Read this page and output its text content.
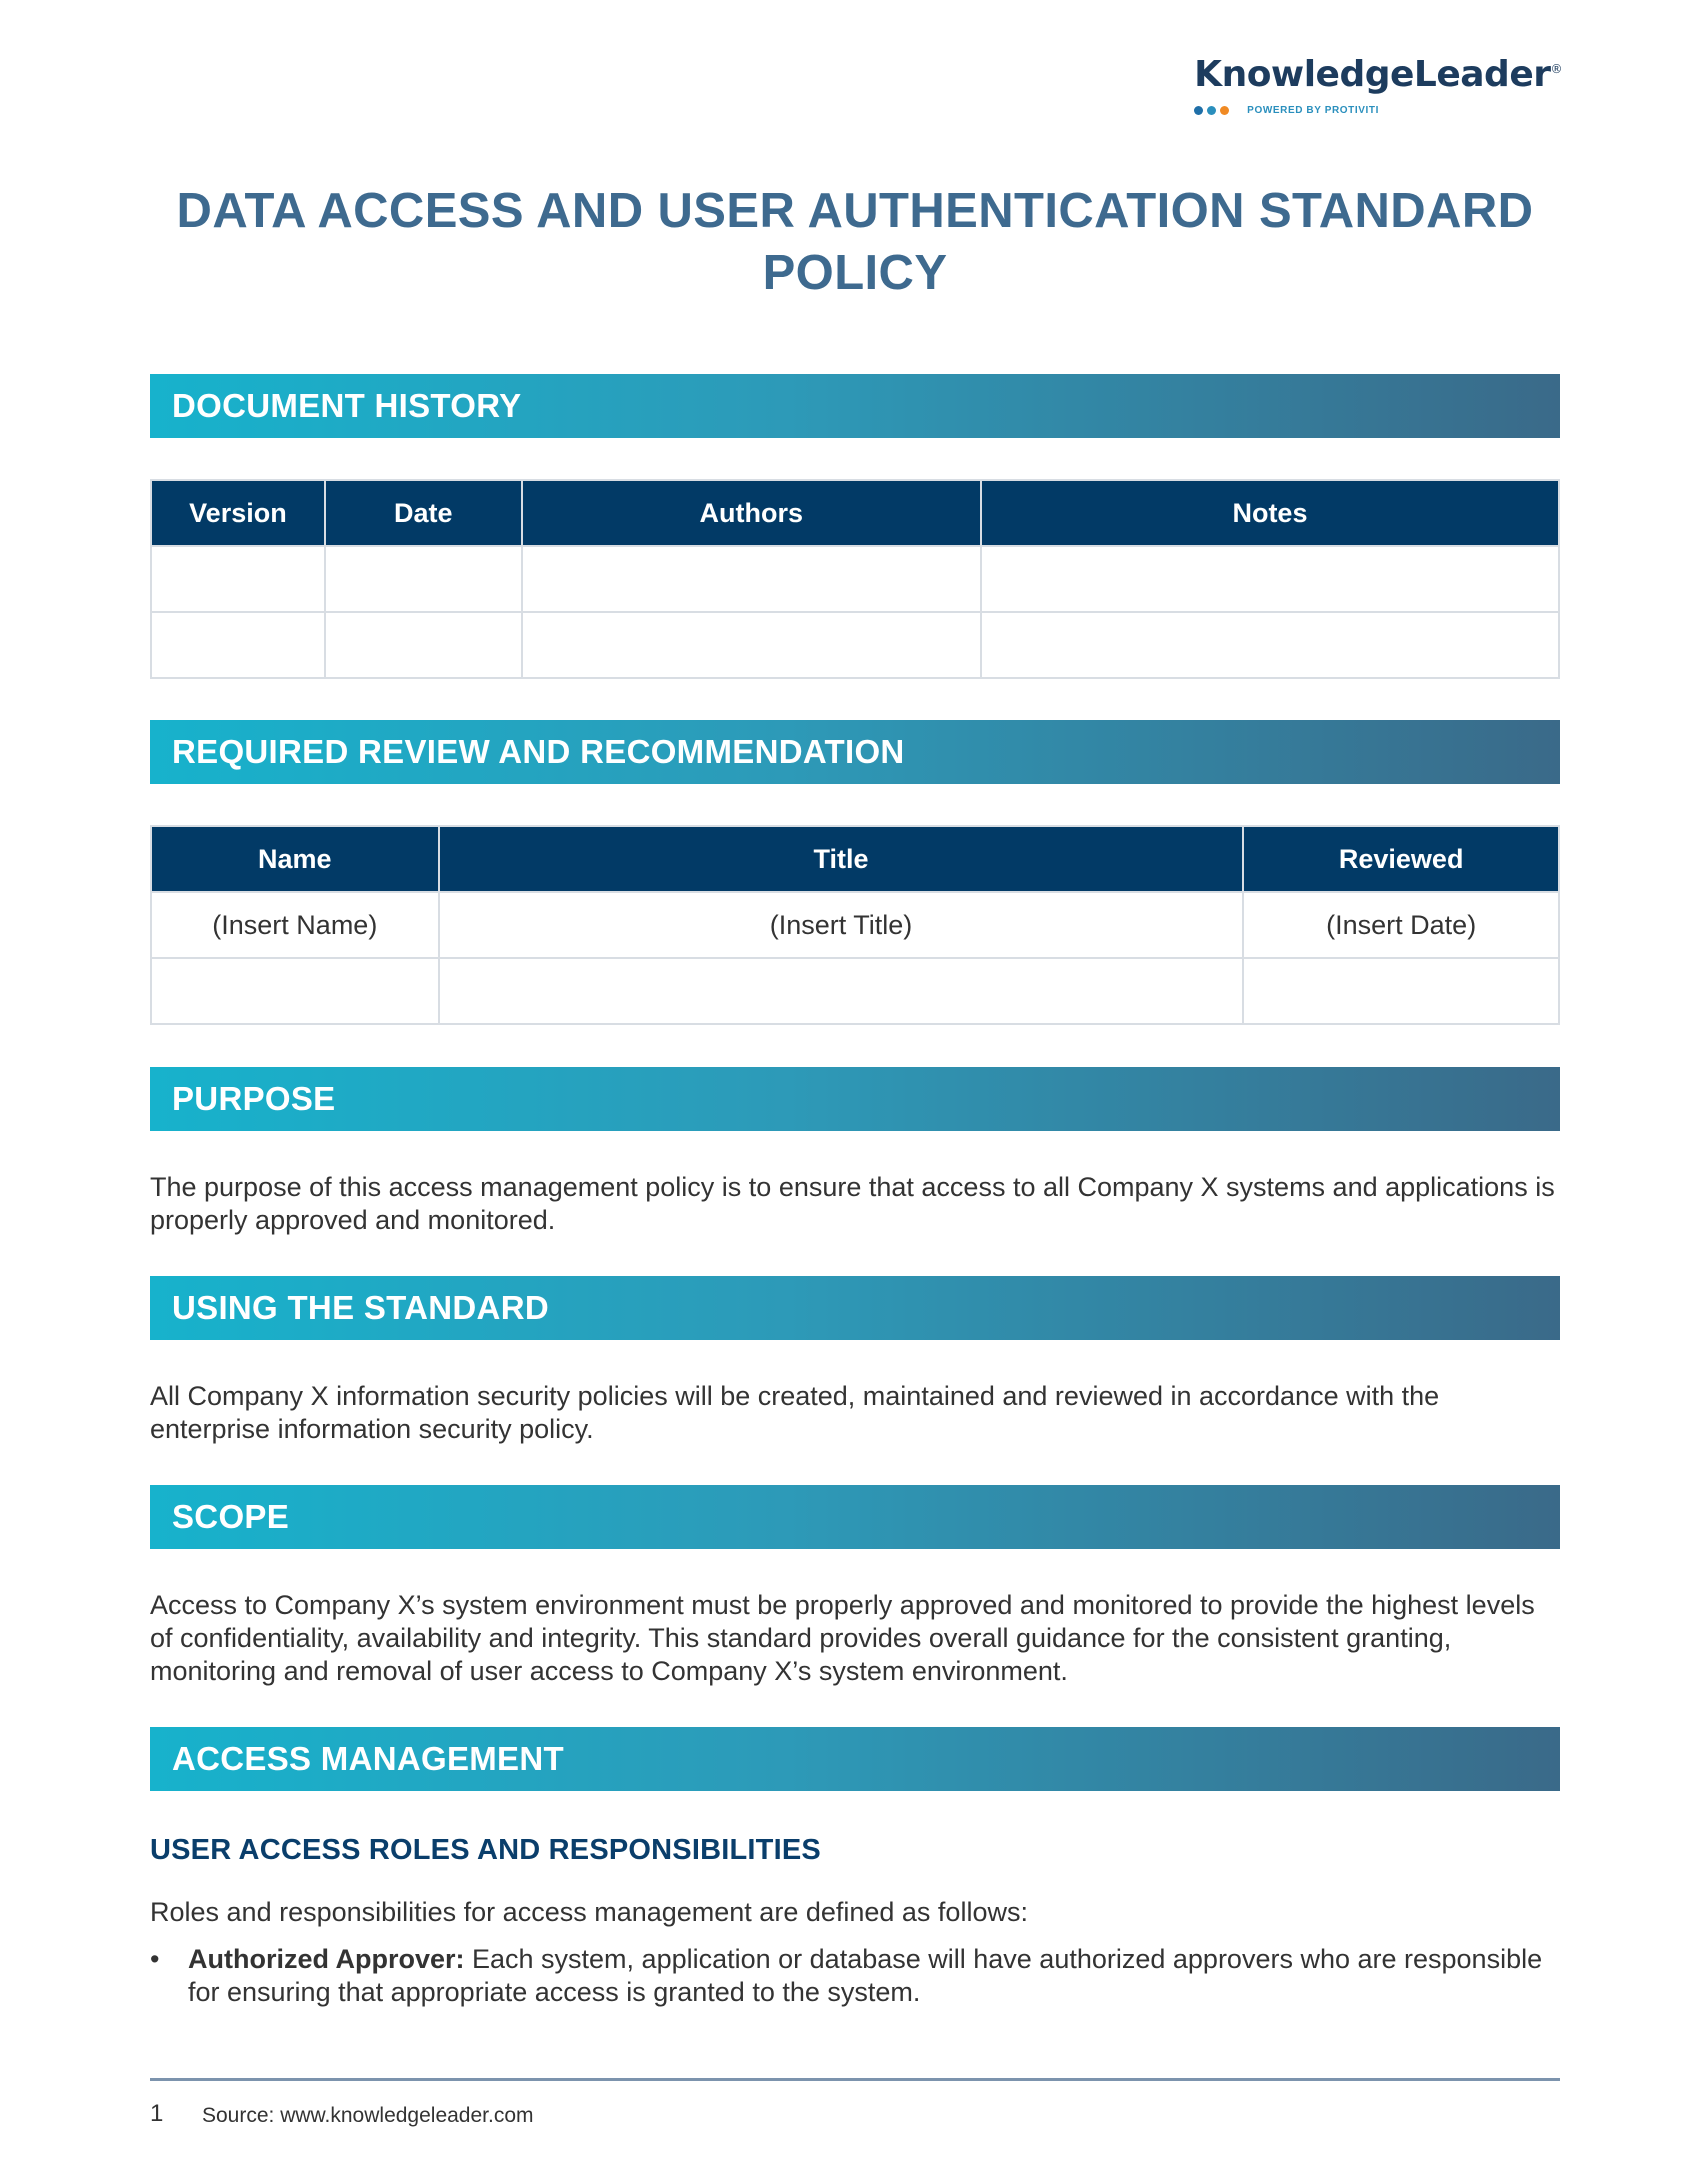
KnowledgeLeader®
POWERED BY PROTIVITI
DATA ACCESS AND USER AUTHENTICATION STANDARD POLICY
DOCUMENT HISTORY
Version	Date	Authors	Notes

REQUIRED REVIEW AND RECOMMENDATION
Name	Title	Reviewed
(Insert Name)	(Insert Title)	(Insert Date)

PURPOSE

The purpose of this access management policy is to ensure that access to all Company X systems and applications is properly approved and monitored.

USING THE STANDARD

All Company X information security policies will be created, maintained and reviewed in accordance with the enterprise information security policy.

SCOPE

Access to Company X’s system environment must be properly approved and monitored to provide the highest levels of confidentiality, availability and integrity. This standard provides overall guidance for the consistent granting, monitoring and removal of user access to Company X’s system environment.

ACCESS MANAGEMENT
USER ACCESS ROLES AND RESPONSIBILITIES

Roles and responsibilities for access management are defined as follows:

• Authorized Approver: Each system, application or database will have authorized approvers who are responsible for ensuring that appropriate access is granted to the system.
1 Source: www.knowledgeleader.com
